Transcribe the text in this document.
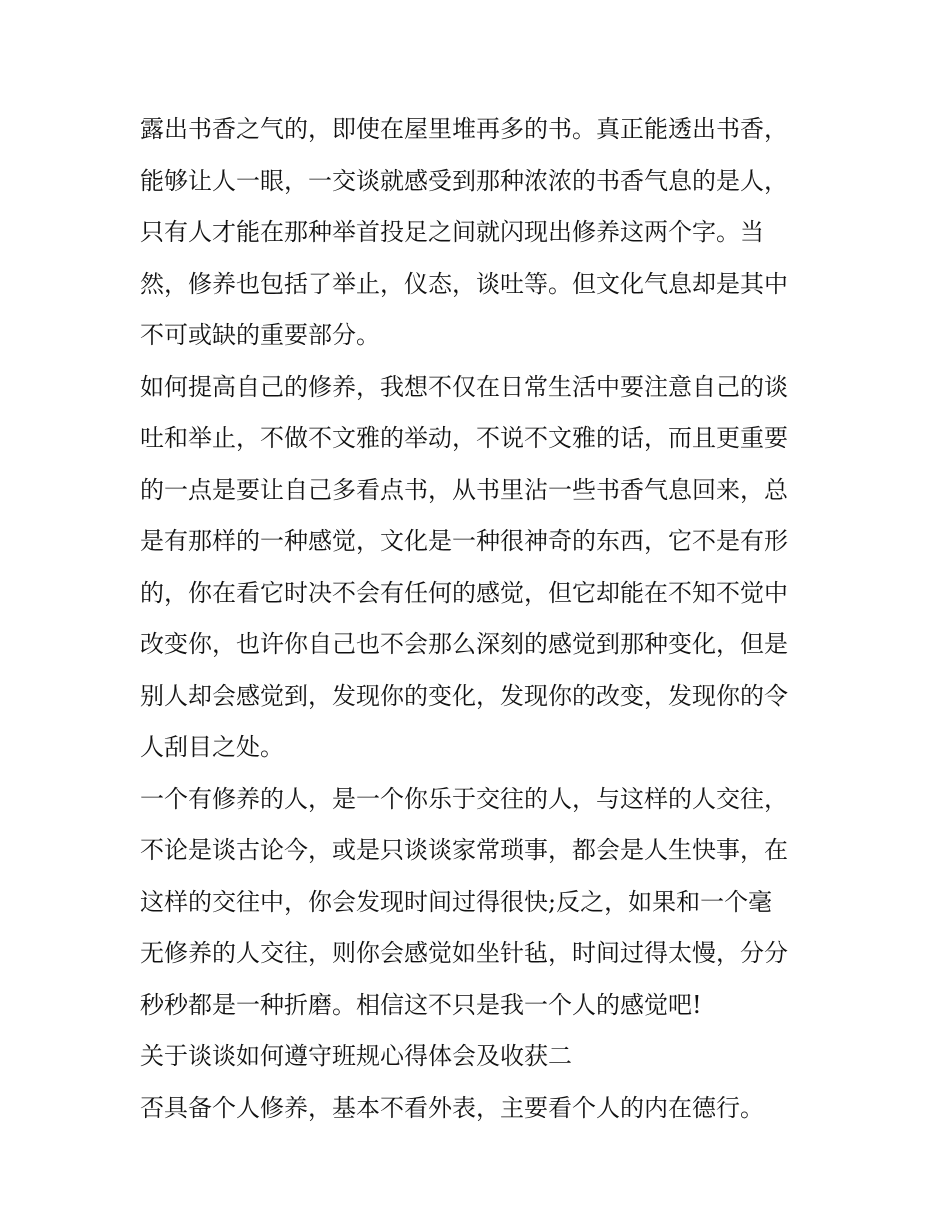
露出书香之气的，即使在屋里堆再多的书。真正能透出书香，
能够让人一眼，一交谈就感受到那种浓浓的书香气息的是人，
只有人才能在那种举首投足之间就闪现出修养这两个字。当
然，修养也包括了举止，仪态，谈吐等。但文化气息却是其中
不可或缺的重要部分。
如何提高自己的修养，我想不仅在日常生活中要注意自己的谈
吐和举止，不做不文雅的举动，不说不文雅的话，而且更重要
的一点是要让自己多看点书，从书里沾一些书香气息回来，总
是有那样的一种感觉，文化是一种很神奇的东西，它不是有形
的，你在看它时决不会有任何的感觉，但它却能在不知不觉中
改变你，也许你自己也不会那么深刻的感觉到那种变化，但是
别人却会感觉到，发现你的变化，发现你的改变，发现你的令
人刮目之处。
一个有修养的人，是一个你乐于交往的人，与这样的人交往，
不论是谈古论今，或是只谈谈家常琐事，都会是人生快事，在
这样的交往中，你会发现时间过得很快;反之，如果和一个毫
无修养的人交往，则你会感觉如坐针毡，时间过得太慢，分分
秒秒都是一种折磨。相信这不只是我一个人的感觉吧!
关于谈谈如何遵守班规心得体会及收获二
否具备个人修养，基本不看外表，主要看个人的内在德行。
